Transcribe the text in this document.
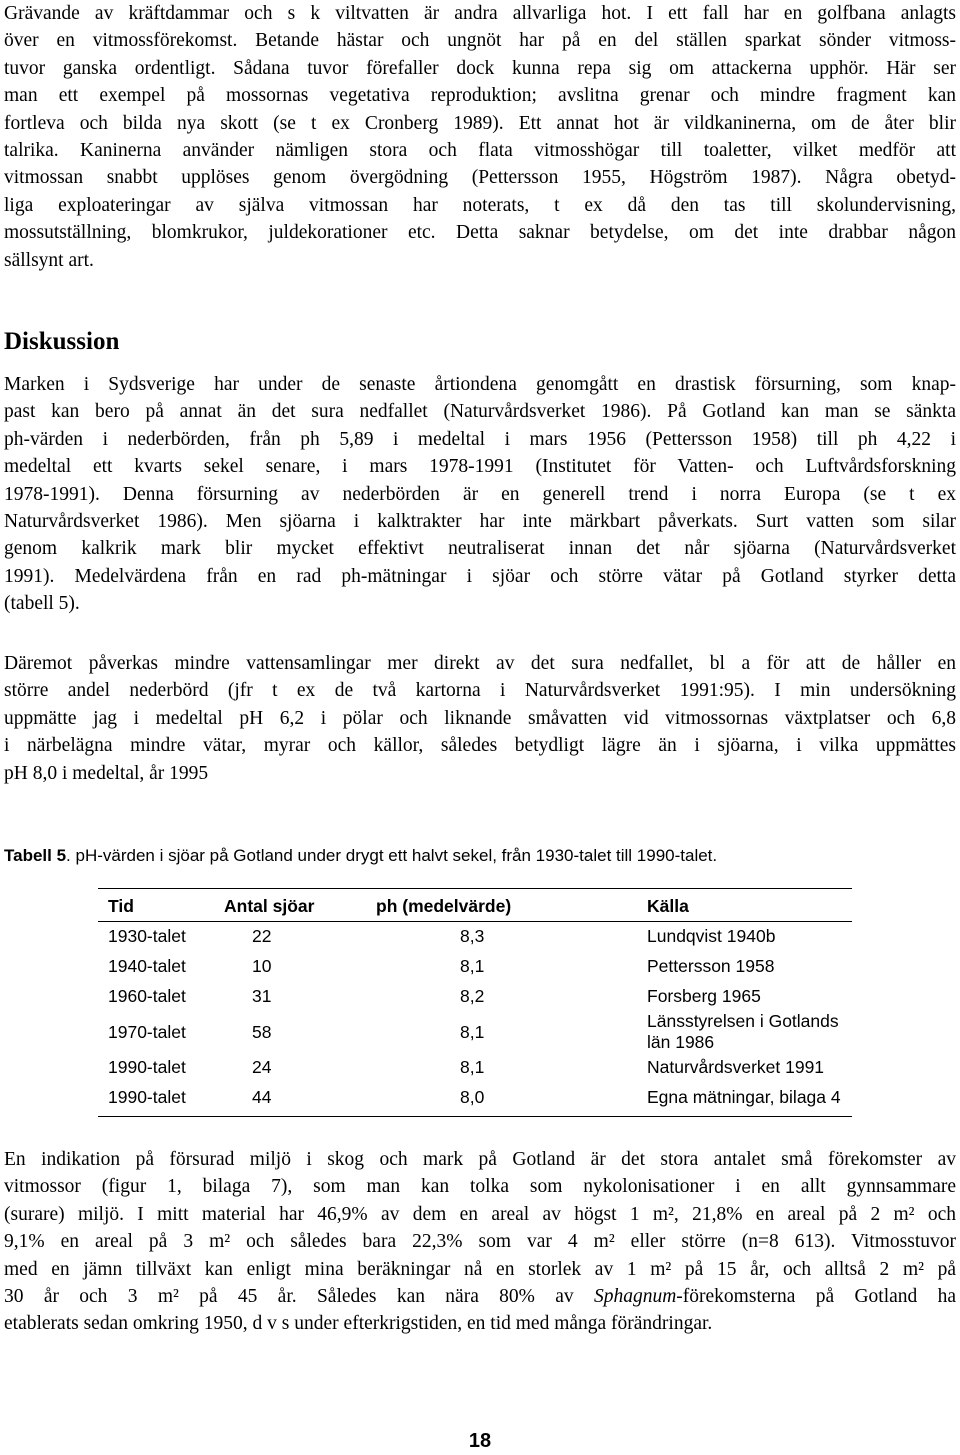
Grävande av kräftdammar och s k viltvatten är andra allvarliga hot. I ett fall har en golfbana anlagts
över en vitmossförekomst. Betande hästar och ungnöt har på en del ställen sparkat sönder vitmoss-
tuvor ganska ordentligt. Sådana tuvor förefaller dock kunna repa sig om attackerna upphör. Här ser
man ett exempel på mossornas vegetativa reproduktion; avslitna grenar och mindre fragment kan
fortleva och bilda nya skott (se t ex Cronberg 1989). Ett annat hot är vildkaninerna, om de åter blir
talrika. Kaninerna använder nämligen stora och flata vitmosshögar till toaletter, vilket medför att
vitmossan snabbt upplöses genom övergödning (Pettersson 1955, Högström 1987). Några obetyd-
liga exploateringar av själva vitmossan har noterats, t ex då den tas till skolundervisning,
mossutställning, blomkrukor, juldekorationer etc. Detta saknar betydelse, om det inte drabbar någon
sällsynt art.
Diskussion
Marken i Sydsverige har under de senaste årtiondena genomgått en drastisk försurning, som knap-
past kan bero på annat än det sura nedfallet (Naturvårdsverket 1986). På Gotland kan man se sänkta
ph-värden i nederbörden, från ph 5,89 i medeltal i mars 1956 (Pettersson 1958) till ph 4,22 i
medeltal ett kvarts sekel senare, i mars 1978-1991 (Institutet för Vatten- och Luftvårdsforskning
1978-1991). Denna försurning av nederbörden är en generell trend i norra Europa (se t ex
Naturvårdsverket 1986). Men sjöarna i kalktrakter har inte märkbart påverkats. Surt vatten som silar
genom kalkrik mark blir mycket effektivt neutraliserat innan det når sjöarna (Naturvårdsverket
1991). Medelvärdena från en rad ph-mätningar i sjöar och större vätar på Gotland styrker detta
(tabell 5).
Däremot påverkas mindre vattensamlingar mer direkt av det sura nedfallet, bl a för att de håller en
större andel nederbörd (jfr t ex de två kartorna i Naturvårdsverket 1991:95). I min undersökning
uppmätte jag i medeltal pH 6,2 i pölar och liknande småvatten vid vitmossornas växtplatser och 6,8
i närbelägna mindre vätar, myrar och källor, således betydligt lägre än i sjöarna, i vilka uppmättes
pH 8,0 i medeltal, år 1995

Tabell 5. pH-värden i sjöar på Gotland under drygt ett halvt sekel, från 1930-talet till 1990-talet.

Tid	Antal sjöar	ph (medelvärde)	Källa
1930-talet	22	8,3	Lundqvist 1940b
1940-talet	10	8,1	Pettersson 1958
1960-talet	31	8,2	Forsberg 1965
1970-talet	58	8,1	Länsstyrelsen i Gotlands län 1986
1990-talet	24	8,1	Naturvårdsverket 1991
1990-talet	44	8,0	Egna mätningar, bilaga 4
En indikation på försurad miljö i skog och mark på Gotland är det stora antalet små förekomster av
vitmossor (figur 1, bilaga 7), som man kan tolka som nykolonisationer i en allt gynnsammare
(surare) miljö. I mitt material har 46,9% av dem en areal av högst 1 m², 21,8% en areal på 2 m² och
9,1% en areal på 3 m² och således bara 22,3% som var 4 m² eller större (n=8 613). Vitmosstuvor
med en jämn tillväxt kan enligt mina beräkningar nå en storlek av 1 m² på 15 år, och alltså 2 m² på
30 år och 3 m² på 45 år. Således kan nära 80% av Sphagnum-förekomsterna på Gotland ha
etablerats sedan omkring 1950, d v s under efterkrigstiden, en tid med många förändringar.

18
